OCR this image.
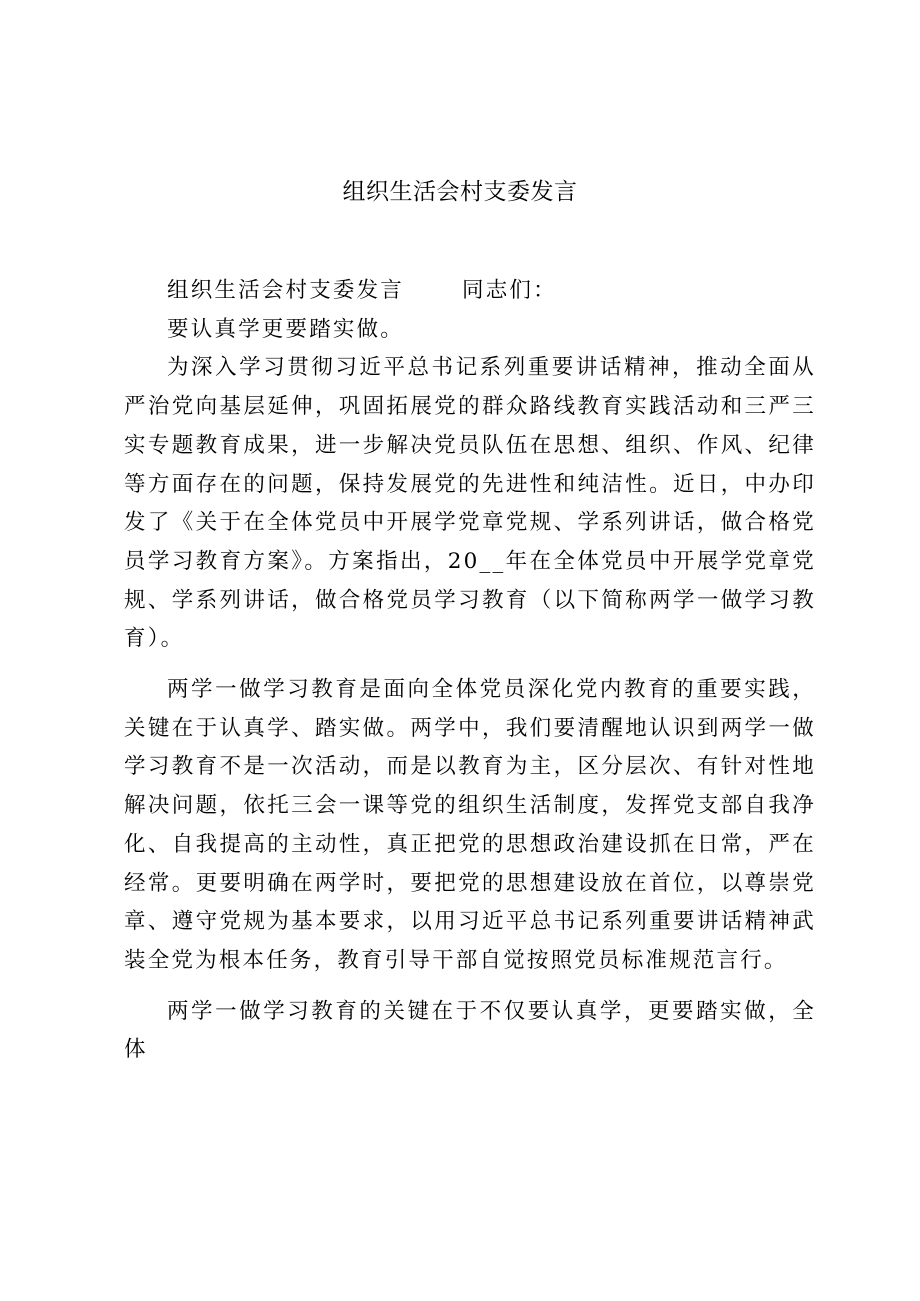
组织生活会村支委发言

组织生活会村支委发言	同志们：

要认真学更要踏实做。

为深入学习贯彻习近平总书记系列重要讲话精神，推动全面从严治党向基层延伸，巩固拓展党的群众路线教育实践活动和三严三实专题教育成果，进一步解决党员队伍在思想、组织、作风、纪律等方面存在的问题，保持发展党的先进性和纯洁性。近日，中办印发了《关于在全体党员中开展学党章党规、学系列讲话，做合格党员学习教育方案》。方案指出，20__年在全体党员中开展学党章党规、学系列讲话，做合格党员学习教育（以下简称两学一做学习教育）。

两学一做学习教育是面向全体党员深化党内教育的重要实践，关键在于认真学、踏实做。两学中，我们要清醒地认识到两学一做学习教育不是一次活动，而是以教育为主，区分层次、有针对性地解决问题，依托三会一课等党的组织生活制度，发挥党支部自我净化、自我提高的主动性，真正把党的思想政治建设抓在日常，严在经常。更要明确在两学时，要把党的思想建设放在首位，以尊崇党章、遵守党规为基本要求，以用习近平总书记系列重要讲话精神武装全党为根本任务，教育引导干部自觉按照党员标准规范言行。

两学一做学习教育的关键在于不仅要认真学，更要踏实做，全体
